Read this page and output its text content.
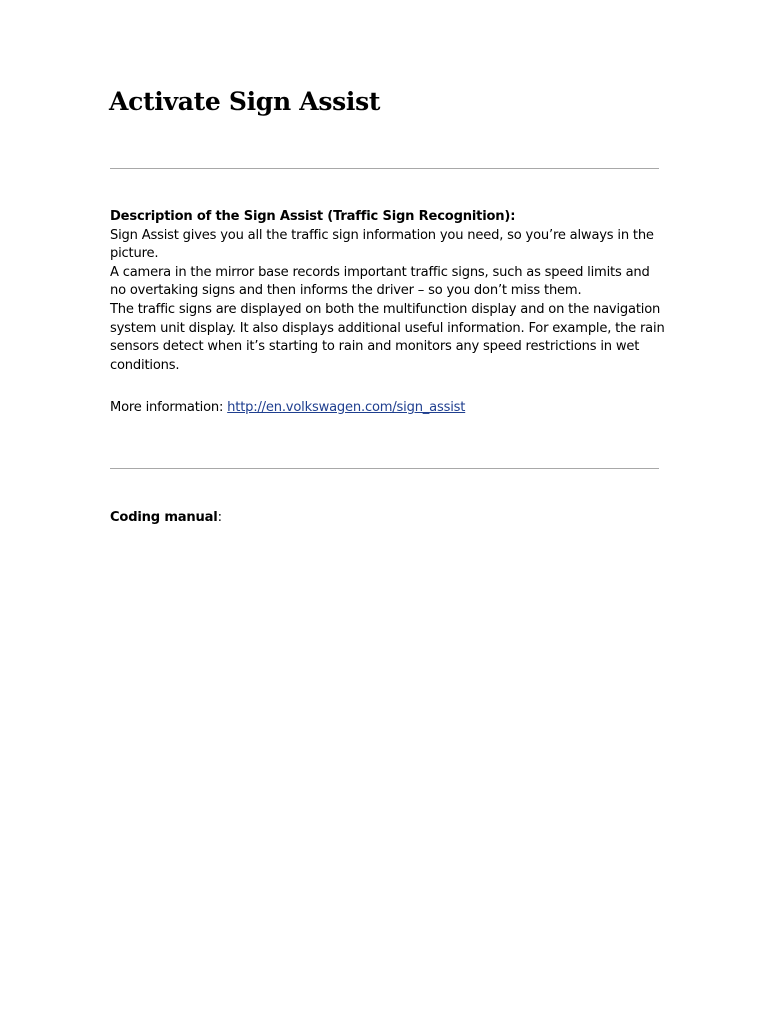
Activate Sign Assist

Description of the Sign Assist (Traffic Sign Recognition):

Sign Assist gives you all the traffic sign information you need, so you’re always in the picture.

A camera in the mirror base records important traffic signs, such as speed limits and no overtaking signs and then informs the driver – so you don’t miss them.

The traffic signs are displayed on both the multifunction display and on the navigation system unit display. It also displays additional useful information. For example, the rain sensors detect when it’s starting to rain and monitors any speed restrictions in wet conditions.

More information: http://en.volkswagen.com/sign_assist
Coding manual:
